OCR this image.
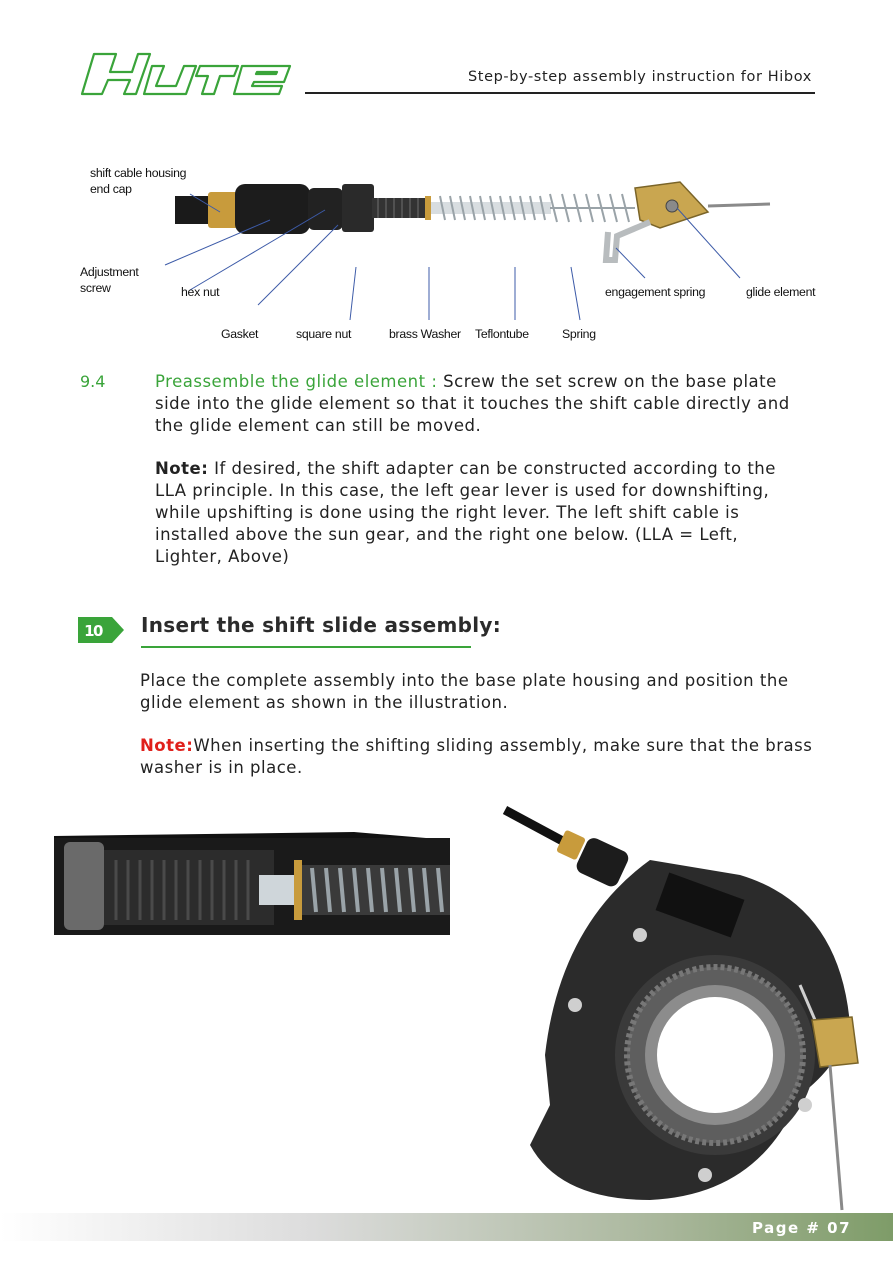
hure
Step-by-step assembly instruction for Hibox
shift cable housing
end cap
Adjustment
screw	hex nut	engagement spring	glide element
Gasket	square nut	brass Washer Teflontube	Spring
9.4	Preassemble the glide element : Screw the set screw on the base plate
side into the glide element so that it touches the shift cable directly and
the glide element can still be moved.
Note: If desired, the shift adapter can be constructed according to the
LLA principle. In this case, the left gear lever is used for downshifting,
while upshifting is done using the right lever. The left shift cable is
installed above the sun gear, and the right one below. (LLA = Left,
Lighter, Above)
10 Insert the shift slide assembly:
Place the complete assembly into the base plate housing and position the
glide element as shown in the illustration.
Note:When inserting the shifting sliding assembly, make sure that the brass
washer is in place.
Page # 07
